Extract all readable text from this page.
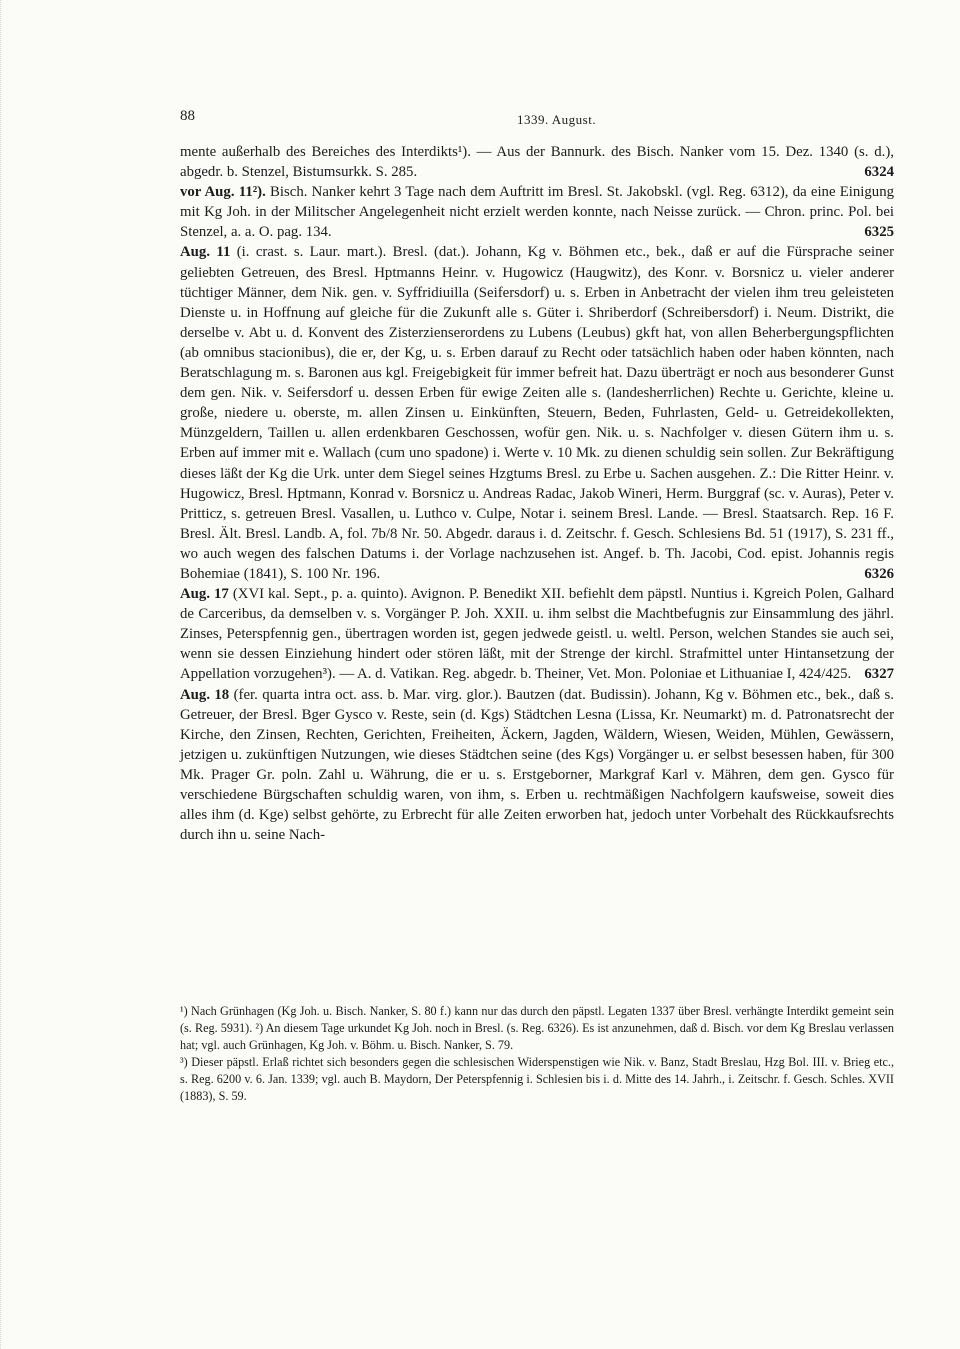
88	1339. August.

mente außerhalb des Bereiches des Interdikts¹). — Aus der Bannurk. des Bisch. Nanker vom 15. Dez. 1340 (s. d.), abgedr. b. Stenzel, Bistumsurkk. S. 285.	6324

vor Aug. 11²). Bisch. Nanker kehrt 3 Tage nach dem Auftritt im Bresl. St. Jakobskl. (vgl. Reg. 6312), da eine Einigung mit Kg Joh. in der Militscher Angelegenheit nicht erzielt werden konnte, nach Neisse zurück. — Chron. princ. Pol. bei Stenzel, a. a. O. pag. 134.	6325

Aug. 11 (i. crast. s. Laur. mart.). Bresl. (dat.). Johann, Kg v. Böhmen etc., bek., daß er auf die Fürsprache seiner geliebten Getreuen, des Bresl. Hptmanns Heinr. v. Hugowicz (Haugwitz), des Konr. v. Borsnicz u. vieler anderer tüchtiger Männer, dem Nik. gen. v. Syffridiuilla (Seifersdorf) u. s. Erben in Anbetracht der vielen ihm treu geleisteten Dienste u. in Hoffnung auf gleiche für die Zukunft alle s. Güter i. Shriberdorf (Schreibersdorf) i. Neum. Distrikt, die derselbe v. Abt u. d. Konvent des Zisterzienserordens zu Lubens (Leubus) gkft hat, von allen Beherbergungspflichten (ab omnibus stacionibus), die er, der Kg, u. s. Erben darauf zu Recht oder tatsächlich haben oder haben könnten, nach Beratschlagung m. s. Baronen aus kgl. Freigebigkeit für immer befreit hat. Dazu überträgt er noch aus besonderer Gunst dem gen. Nik. v. Seifersdorf u. dessen Erben für ewige Zeiten alle s. (landesherrlichen) Rechte u. Gerichte, kleine u. große, niedere u. oberste, m. allen Zinsen u. Einkünften, Steuern, Beden, Fuhrlasten, Geld- u. Getreidekollekten, Münzgeldern, Taillen u. allen erdenkbaren Geschossen, wofür gen. Nik. u. s. Nachfolger v. diesen Gütern ihm u. s. Erben auf immer mit e. Wallach (cum uno spadone) i. Werte v. 10 Mk. zu dienen schuldig sein sollen. Zur Bekräftigung dieses läßt der Kg die Urk. unter dem Siegel seines Hzgtums Bresl. zu Erbe u. Sachen ausgehen. Z.: Die Ritter Heinr. v. Hugowicz, Bresl. Hptmann, Konrad v. Borsnicz u. Andreas Radac, Jakob Wineri, Herm. Burggraf (sc. v. Auras), Peter v. Pritticz, s. getreuen Bresl. Vasallen, u. Luthco v. Culpe, Notar i. seinem Bresl. Lande. — Bresl. Staatsarch. Rep. 16 F. Bresl. Ält. Bresl. Landb. A, fol. 7b/8 Nr. 50. Abgedr. daraus i. d. Zeitschr. f. Gesch. Schlesiens Bd. 51 (1917), S. 231 ff., wo auch wegen des falschen Datums i. der Vorlage nachzusehen ist. Angef. b. Th. Jacobi, Cod. epist. Johannis regis Bohemiae (1841), S. 100 Nr. 196.	6326

Aug. 17 (XVI kal. Sept., p. a. quinto). Avignon. P. Benedikt XII. befiehlt dem päpstl. Nuntius i. Kgreich Polen, Galhard de Carceribus, da demselben v. s. Vorgänger P. Joh. XXII. u. ihm selbst die Machtbefugnis zur Einsammlung des jährl. Zinses, Peterspfennig gen., übertragen worden ist, gegen jedwede geistl. u. weltl. Person, welchen Standes sie auch sei, wenn sie dessen Einziehung hindert oder stören läßt, mit der Strenge der kirchl. Strafmittel unter Hintansetzung der Appellation vorzugehen³). — A. d. Vatikan. Reg. abgedr. b. Theiner, Vet. Mon. Poloniae et Lithuaniae I, 424/425. 6327

Aug. 18 (fer. quarta intra oct. ass. b. Mar. virg. glor.). Bautzen (dat. Budissin). Johann, Kg v. Böhmen etc., bek., daß s. Getreuer, der Bresl. Bger Gysco v. Reste, sein (d. Kgs) Städtchen Lesna (Lissa, Kr. Neumarkt) m. d. Patronatsrecht der Kirche, den Zinsen, Rechten, Gerichten, Freiheiten, Äckern, Jagden, Wäldern, Wiesen, Weiden, Mühlen, Gewässern, jetzigen u. zukünftigen Nutzungen, wie dieses Städtchen seine (des Kgs) Vorgänger u. er selbst besessen haben, für 300 Mk. Prager Gr. poln. Zahl u. Währung, die er u. s. Erstgeborner, Markgraf Karl v. Mähren, dem gen. Gysco für verschiedene Bürgschaften schuldig waren, von ihm, s. Erben u. rechtmäßigen Nachfolgern kaufsweise, soweit dies alles ihm (d. Kge) selbst gehörte, zu Erbrecht für alle Zeiten erworben hat, jedoch unter Vorbehalt des Rückkaufsrechts durch ihn u. seine Nach-

¹) Nach Grünhagen (Kg Joh. u. Bisch. Nanker, S. 80 f.) kann nur das durch den päpstl. Legaten 1337 über Bresl. verhängte Interdikt gemeint sein (s. Reg. 5931). ²) An diesem Tage urkundet Kg Joh. noch in Bresl. (s. Reg. 6326). Es ist anzunehmen, daß d. Bisch. vor dem Kg Breslau verlassen hat; vgl. auch Grünhagen, Kg Joh. v. Böhm. u. Bisch. Nanker, S. 79.

³) Dieser päpstl. Erlaß richtet sich besonders gegen die schlesischen Widerspenstigen wie Nik. v. Banz, Stadt Breslau, Hzg Bol. III. v. Brieg etc., s. Reg. 6200 v. 6. Jan. 1339; vgl. auch B. Maydorn, Der Peterspfennig i. Schlesien bis i. d. Mitte des 14. Jahrh., i. Zeitschr. f. Gesch. Schles. XVII (1883), S. 59.
